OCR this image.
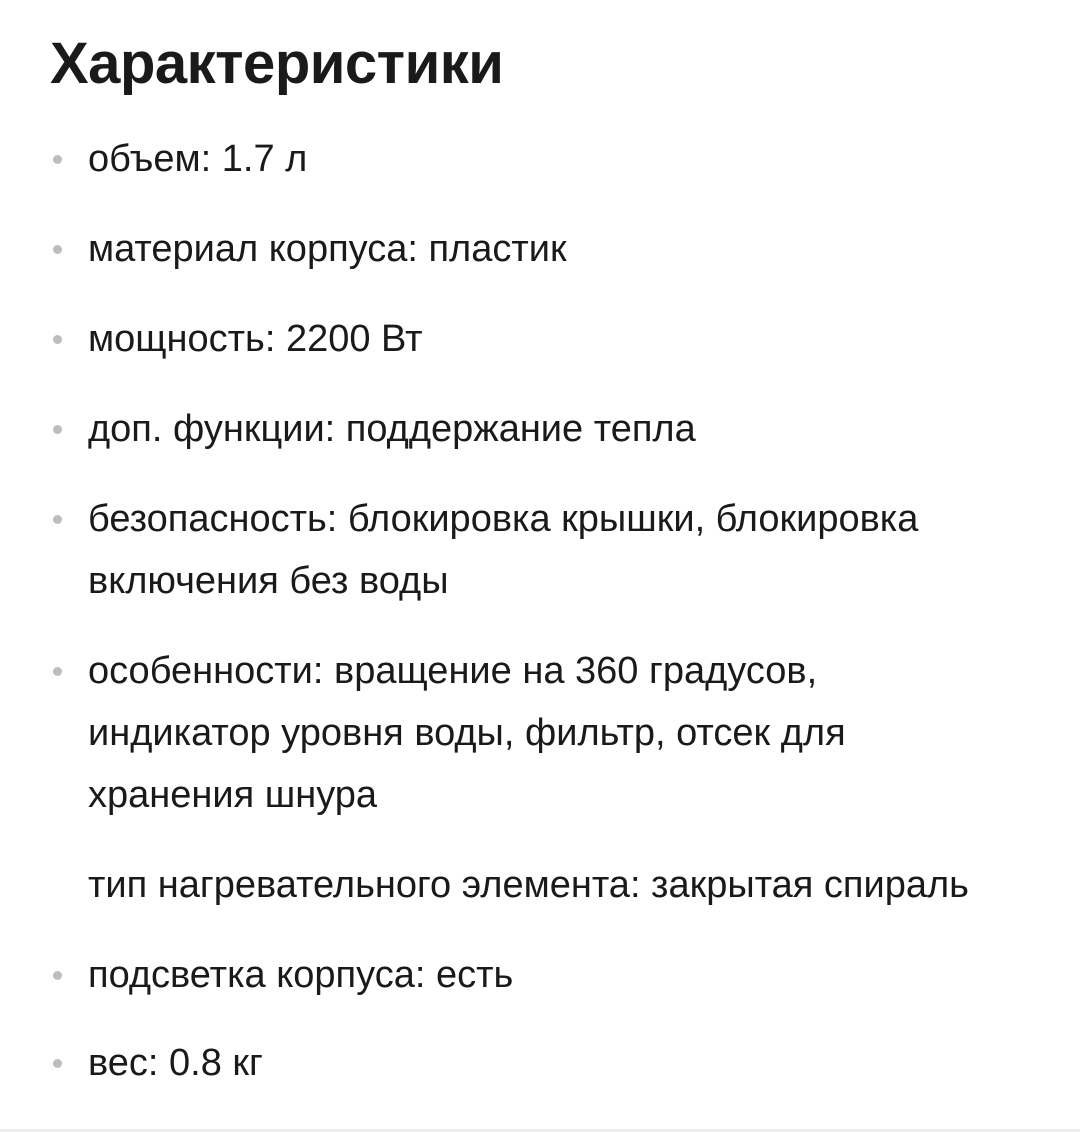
Характеристики
объем: 1.7 л
материал корпуса: пластик
мощность: 2200 Вт
доп. функции: поддержание тепла
безопасность: блокировка крышки, блокировка включения без воды
особенности: вращение на 360 градусов, индикатор уровня воды, фильтр, отсек для хранения шнура
тип нагревательного элемента: закрытая спираль
подсветка корпуса: есть
вес: 0.8 кг
